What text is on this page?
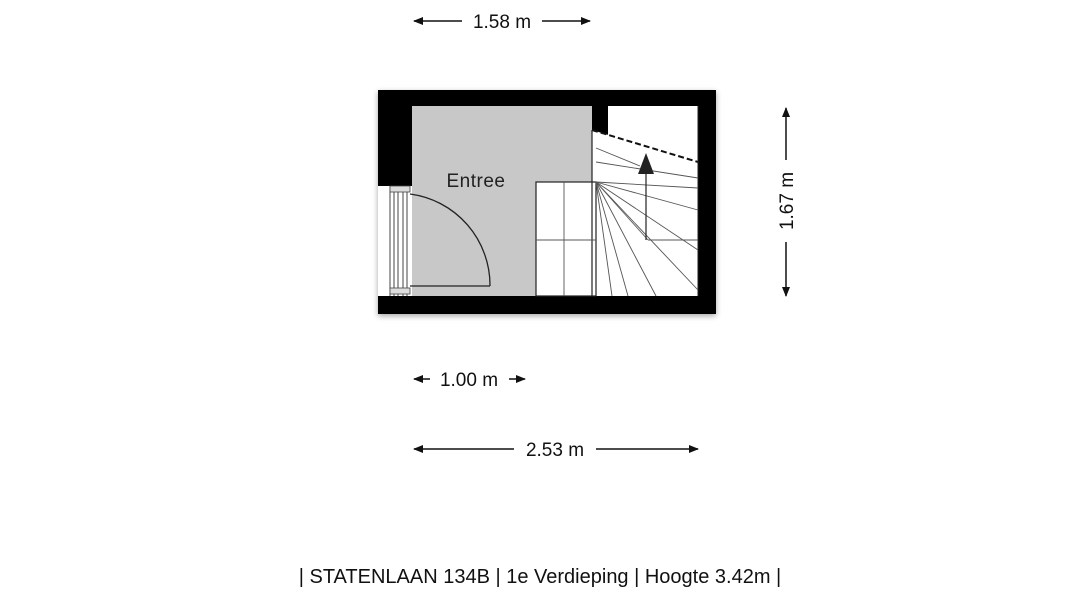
1.58 m
Entree	1.67 m
1.00 m
2.53 m
| STATENLAAN 134B | 1e Verdieping | Hoogte 3.42m |
